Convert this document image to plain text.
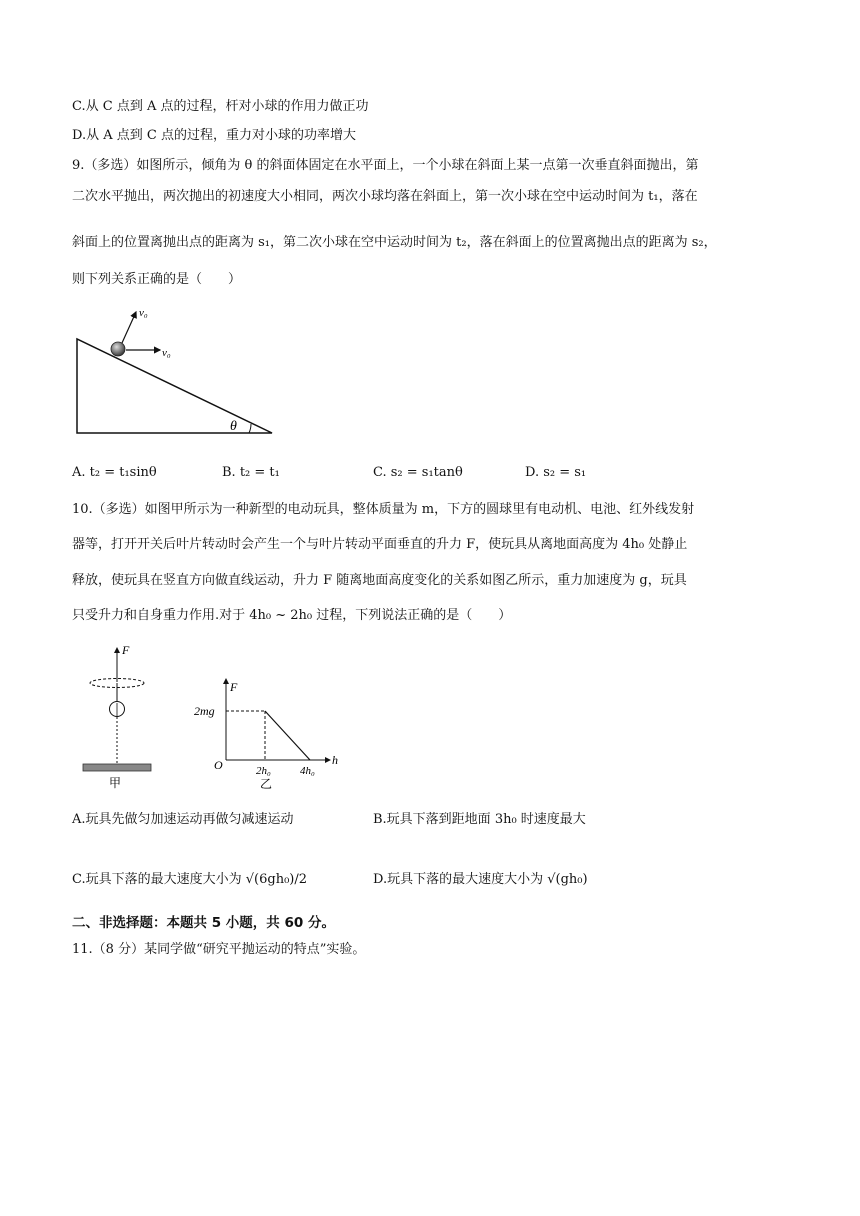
C.从 C 点到 A 点的过程，杆对小球的作用力做正功
D.从 A 点到 C 点的过程，重力对小球的功率增大
9.（多选）如图所示，倾角为 θ 的斜面体固定在水平面上，一个小球在斜面上某一点第一次垂直斜面抛出，第
二次水平抛出，两次抛出的初速度大小相同，两次小球均落在斜面上，第一次小球在空中运动时间为 t₁，落在
斜面上的位置离抛出点的距离为 s₁，第二次小球在空中运动时间为 t₂，落在斜面上的位置离抛出点的距离为 s₂，
则下列关系正确的是（　　）
θ
v₀
v₀
A. t₂ = t₁sinθ	B. t₂ = t₁	C. s₂ = s₁tanθ	D. s₂ = s₁
10.（多选）如图甲所示为一种新型的电动玩具，整体质量为 m，下方的圆球里有电动机、电池、红外线发射
器等，打开开关后叶片转动时会产生一个与叶片转动平面垂直的升力 F，使玩具从离地面高度为 4h₀ 处静止
释放，使玩具在竖直方向做直线运动，升力 F 随离地面高度变化的关系如图乙所示，重力加速度为 g，玩具
只受升力和自身重力作用.对于 4h₀ ~ 2h₀ 过程，下列说法正确的是（　　）
F
甲
F
h
O
2mg
2h₀	4h₀
乙
A.玩具先做匀加速运动再做匀减速运动	B.玩具下落到距地面 3h₀ 时速度最大
C.玩具下落的最大速度大小为 √(6gh₀)/2	D.玩具下落的最大速度大小为 √(gh₀)
二、非选择题：本题共 5 小题，共 60 分。
11.（8 分）某同学做“研究平抛运动的特点”实验。
